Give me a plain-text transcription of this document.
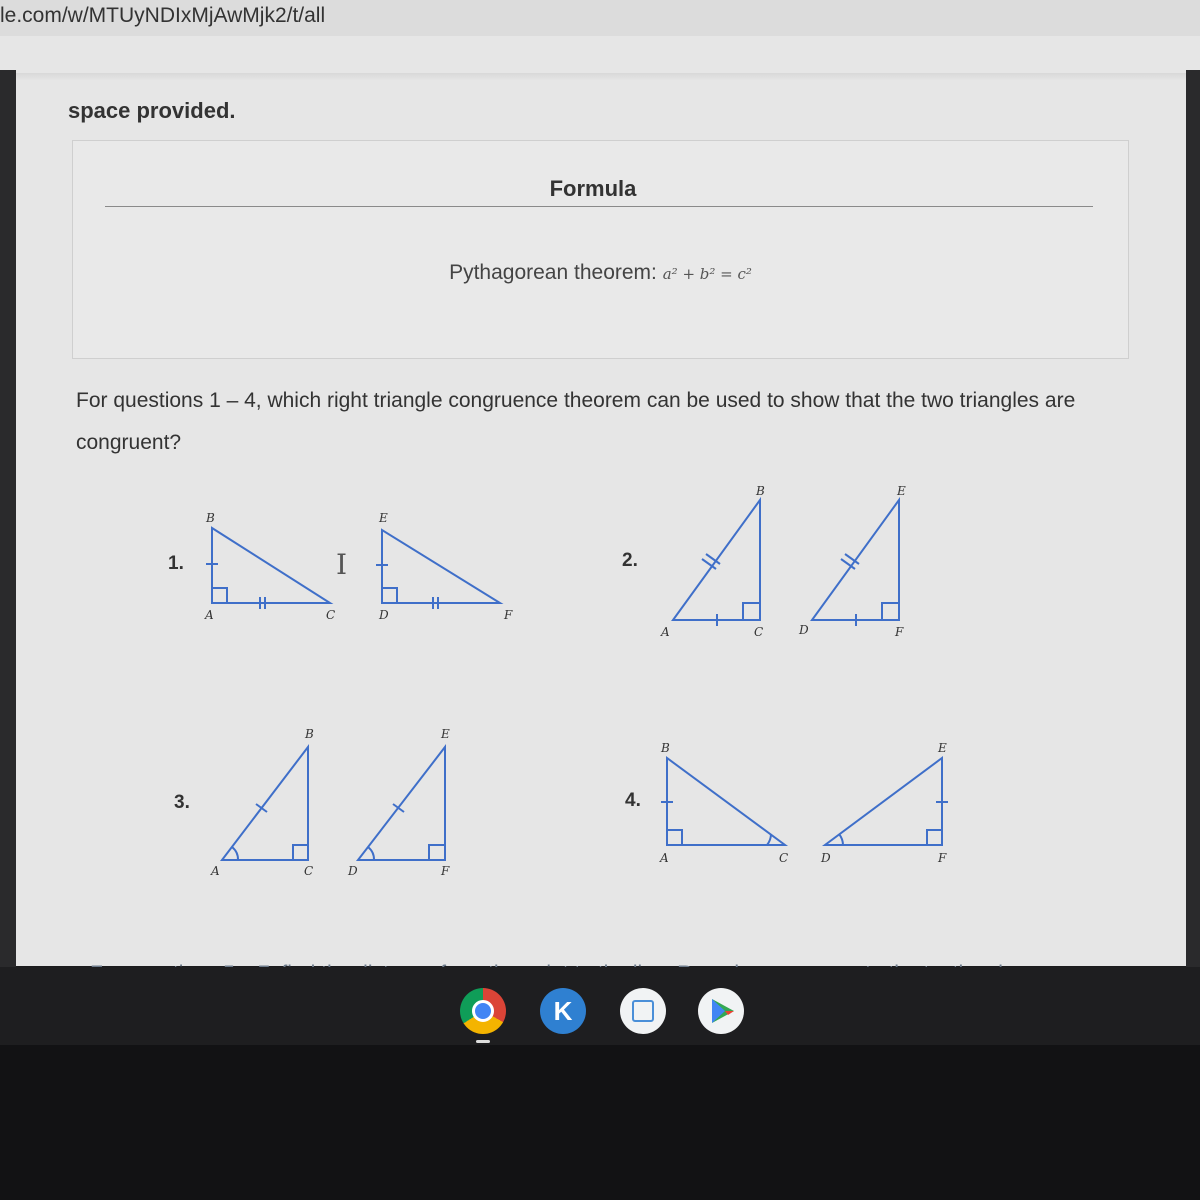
le.com/w/MTUyNDIxMjAwMjk2/t/all
space provided.
Formula
Pythagorean theorem: a² + b² = c²
For questions 1 – 4, which right triangle congruence theorem can be used to show that the two triangles are congruent?
1.
B
A	C
E
D	F
I	2.
B
A	C
E
D	F
3.
B
A	C
E
D	F
4.
B
A	C
E
D	F
K
